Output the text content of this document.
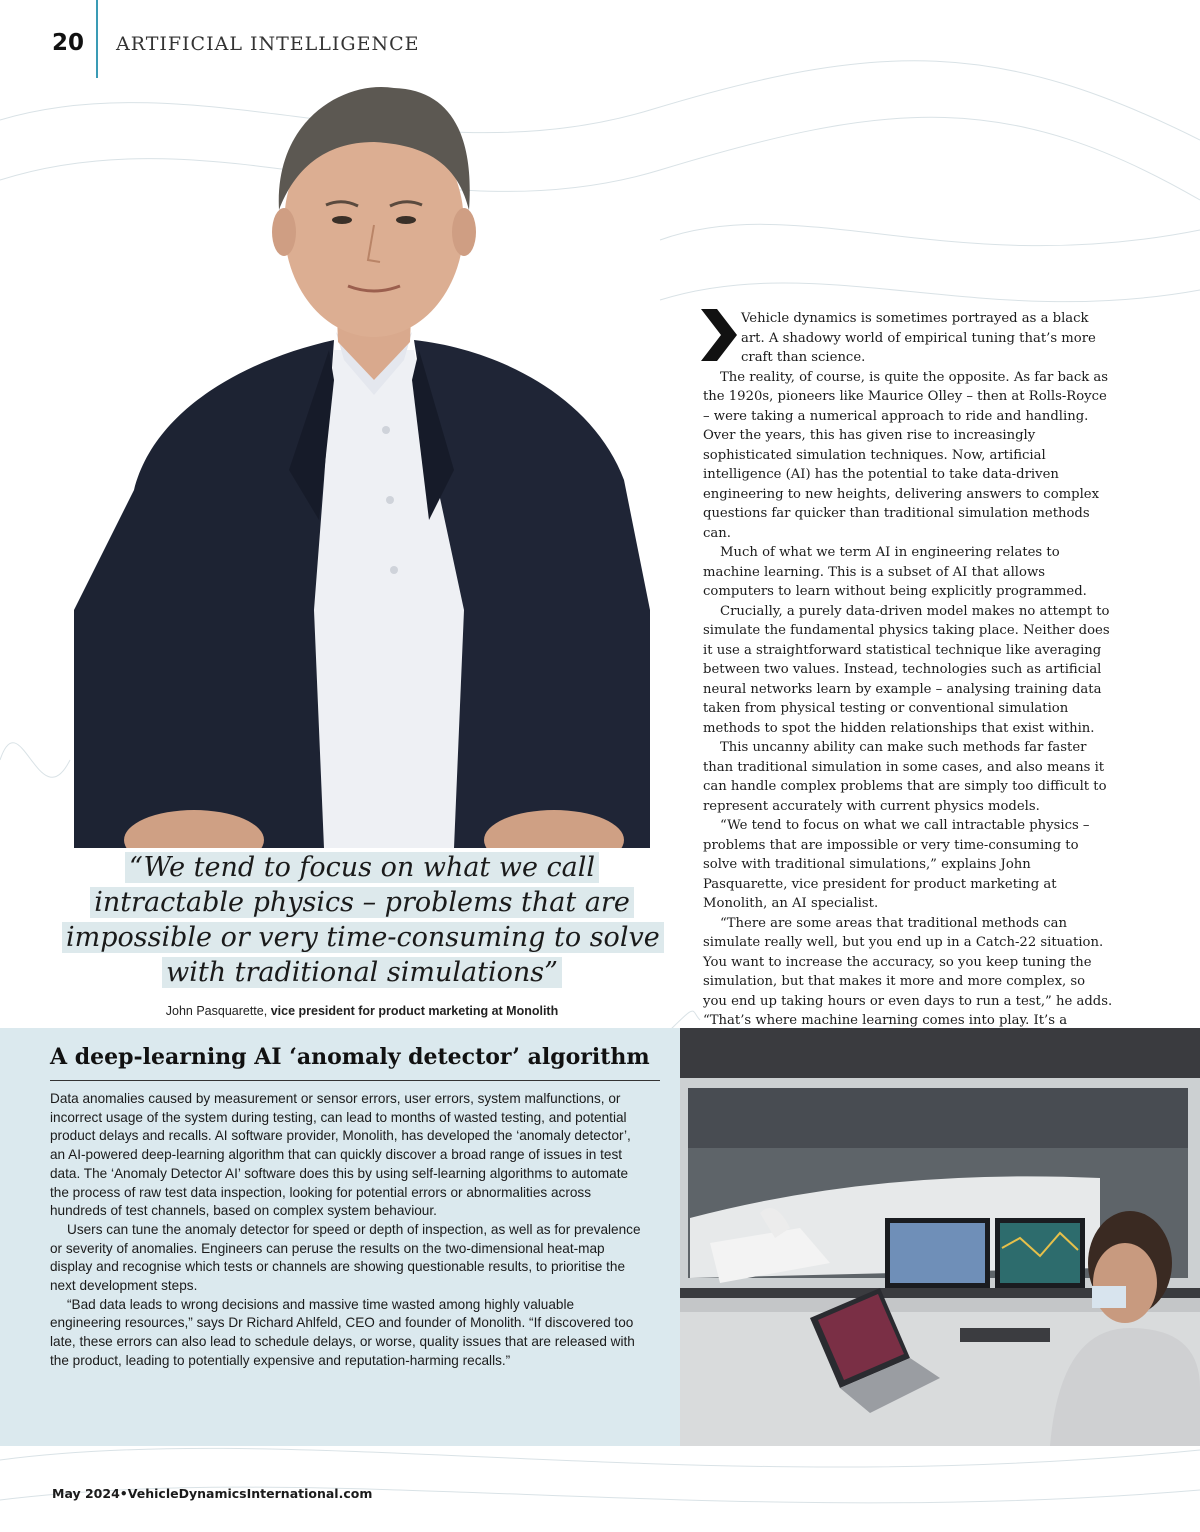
20 ARTIFICIAL INTELLIGENCE
“We tend to focus on what we call intractable physics – problems that are impossible or very time-consuming to solve with traditional simulations”
John Pasquarette, vice president for product marketing at Monolith

Vehicle dynamics is sometimes portrayed as a black art. A shadowy world of empirical tuning that’s more craft than science.

The reality, of course, is quite the opposite. As far back as the 1920s, pioneers like Maurice Olley – then at Rolls-Royce – were taking a numerical approach to ride and handling. Over the years, this has given rise to increasingly sophisticated simulation techniques. Now, artificial intelligence (AI) has the potential to take data-driven engineering to new heights, delivering answers to complex questions far quicker than traditional simulation methods can.

Much of what we term AI in engineering relates to machine learning. This is a subset of AI that allows computers to learn without being explicitly programmed.

Crucially, a purely data-driven model makes no attempt to simulate the fundamental physics taking place. Neither does it use a straightforward statistical technique like averaging between two values. Instead, technologies such as artificial neural networks learn by example – analysing training data taken from physical testing or conventional simulation methods to spot the hidden relationships that exist within.

This uncanny ability can make such methods far faster than traditional simulation in some cases, and also means it can handle complex problems that are simply too difficult to represent accurately with current physics models.

“We tend to focus on what we call intractable physics – problems that are impossible or very time-consuming to solve with traditional simulations,” explains John Pasquarette, vice president for product marketing at Monolith, an AI specialist.

“There are some areas that traditional methods can simulate really well, but you end up in a Catch-22 situation. You want to increase the accuracy, so you keep tuning the simulation, but that makes it more and more complex, so you end up taking hours or even days to run a test,” he adds. “That’s where machine learning comes into play. It’s a

A deep-learning AI ‘anomaly detector’ algorithm

Data anomalies caused by measurement or sensor errors, user errors, system malfunctions, or incorrect usage of the system during testing, can lead to months of wasted testing, and potential product delays and recalls. AI software provider, Monolith, has developed the ‘anomaly detector’, an AI-powered deep-learning algorithm that can quickly discover a broad range of issues in test data. The ‘Anomaly Detector AI’ software does this by using self-learning algorithms to automate the process of raw test data inspection, looking for potential errors or abnormalities across hundreds of test channels, based on complex system behaviour.

Users can tune the anomaly detector for speed or depth of inspection, as well as for prevalence or severity of anomalies. Engineers can peruse the results on the two-dimensional heat-map display and recognise which tests or channels are showing questionable results, to prioritise the next development steps.

“Bad data leads to wrong decisions and massive time wasted among highly valuable engineering resources,” says Dr Richard Ahlfeld, CEO and founder of Monolith. “If discovered too late, these errors can also lead to schedule delays, or worse, quality issues that are released with the product, leading to potentially expensive and reputation-harming recalls.”

May 2024•VehicleDynamicsInternational.com
